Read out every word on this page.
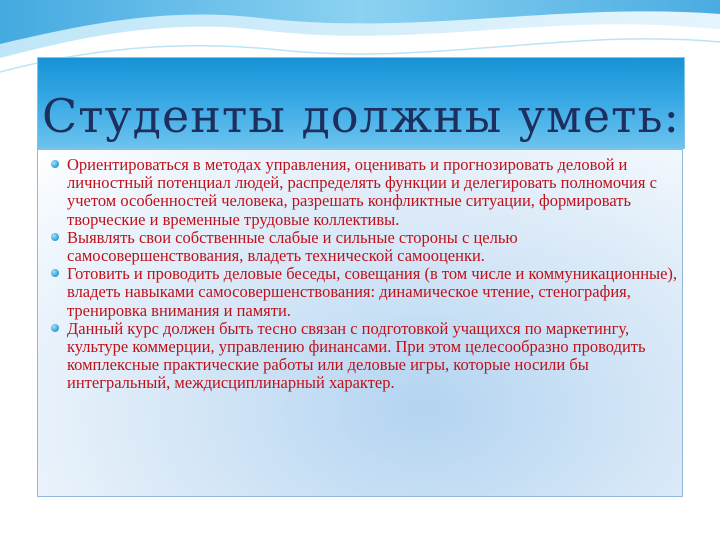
Студенты должны уметь:
Ориентироваться в методах управления, оценивать и прогнозировать деловой и личностный потенциал людей, распределять функции и делегировать полномочия с учетом особенностей человека, разрешать конфликтные ситуации, формировать творческие и временные трудовые коллективы.
Выявлять свои собственные слабые и сильные стороны с целью самосовершенствования, владеть технической самооценки.
Готовить и проводить деловые беседы, совещания (в том числе и коммуникационные), владеть навыками самосовершенствования: динамическое чтение, стенография, тренировка внимания и памяти.
Данный курс должен быть тесно связан с подготовкой учащихся по маркетингу, культуре коммерции, управлению финансами. При этом целесообразно проводить комплексные практические работы или деловые игры, которые носили бы интегральный, междисциплинарный характер.
